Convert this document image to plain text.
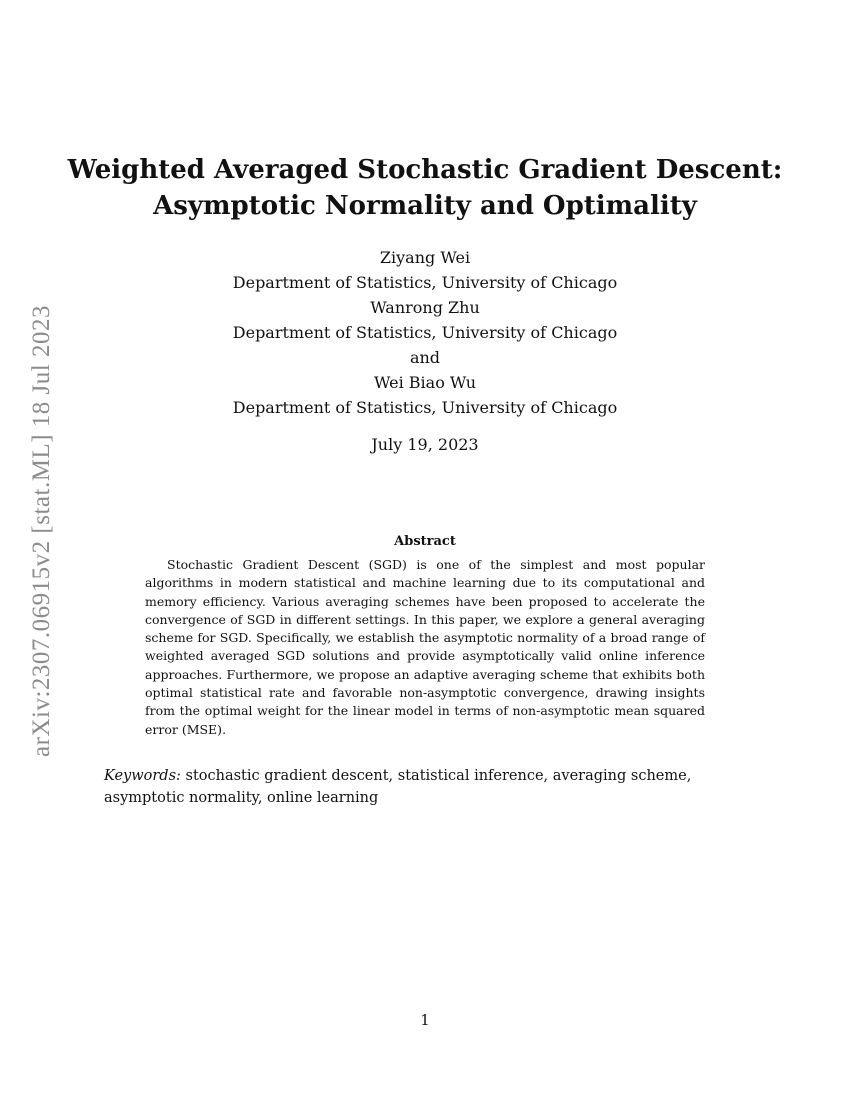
arXiv:2307.06915v2 [stat.ML] 18 Jul 2023
Weighted Averaged Stochastic Gradient Descent:
Asymptotic Normality and Optimality
Ziyang Wei
Department of Statistics, University of Chicago
Wanrong Zhu
Department of Statistics, University of Chicago
and
Wei Biao Wu
Department of Statistics, University of Chicago
July 19, 2023
Abstract

Stochastic Gradient Descent (SGD) is one of the simplest and most popular algorithms in modern statistical and machine learning due to its computational and memory efficiency. Various averaging schemes have been proposed to accelerate the convergence of SGD in different settings. In this paper, we explore a general averaging scheme for SGD. Specifically, we establish the asymptotic normality of a broad range of weighted averaged SGD solutions and provide asymptotically valid online inference approaches. Furthermore, we propose an adaptive averaging scheme that exhibits both optimal statistical rate and favorable non-asymptotic convergence, drawing insights from the optimal weight for the linear model in terms of non-asymptotic mean squared error (MSE).

Keywords: stochastic gradient descent, statistical inference, averaging scheme, asymptotic normality, online learning
1
